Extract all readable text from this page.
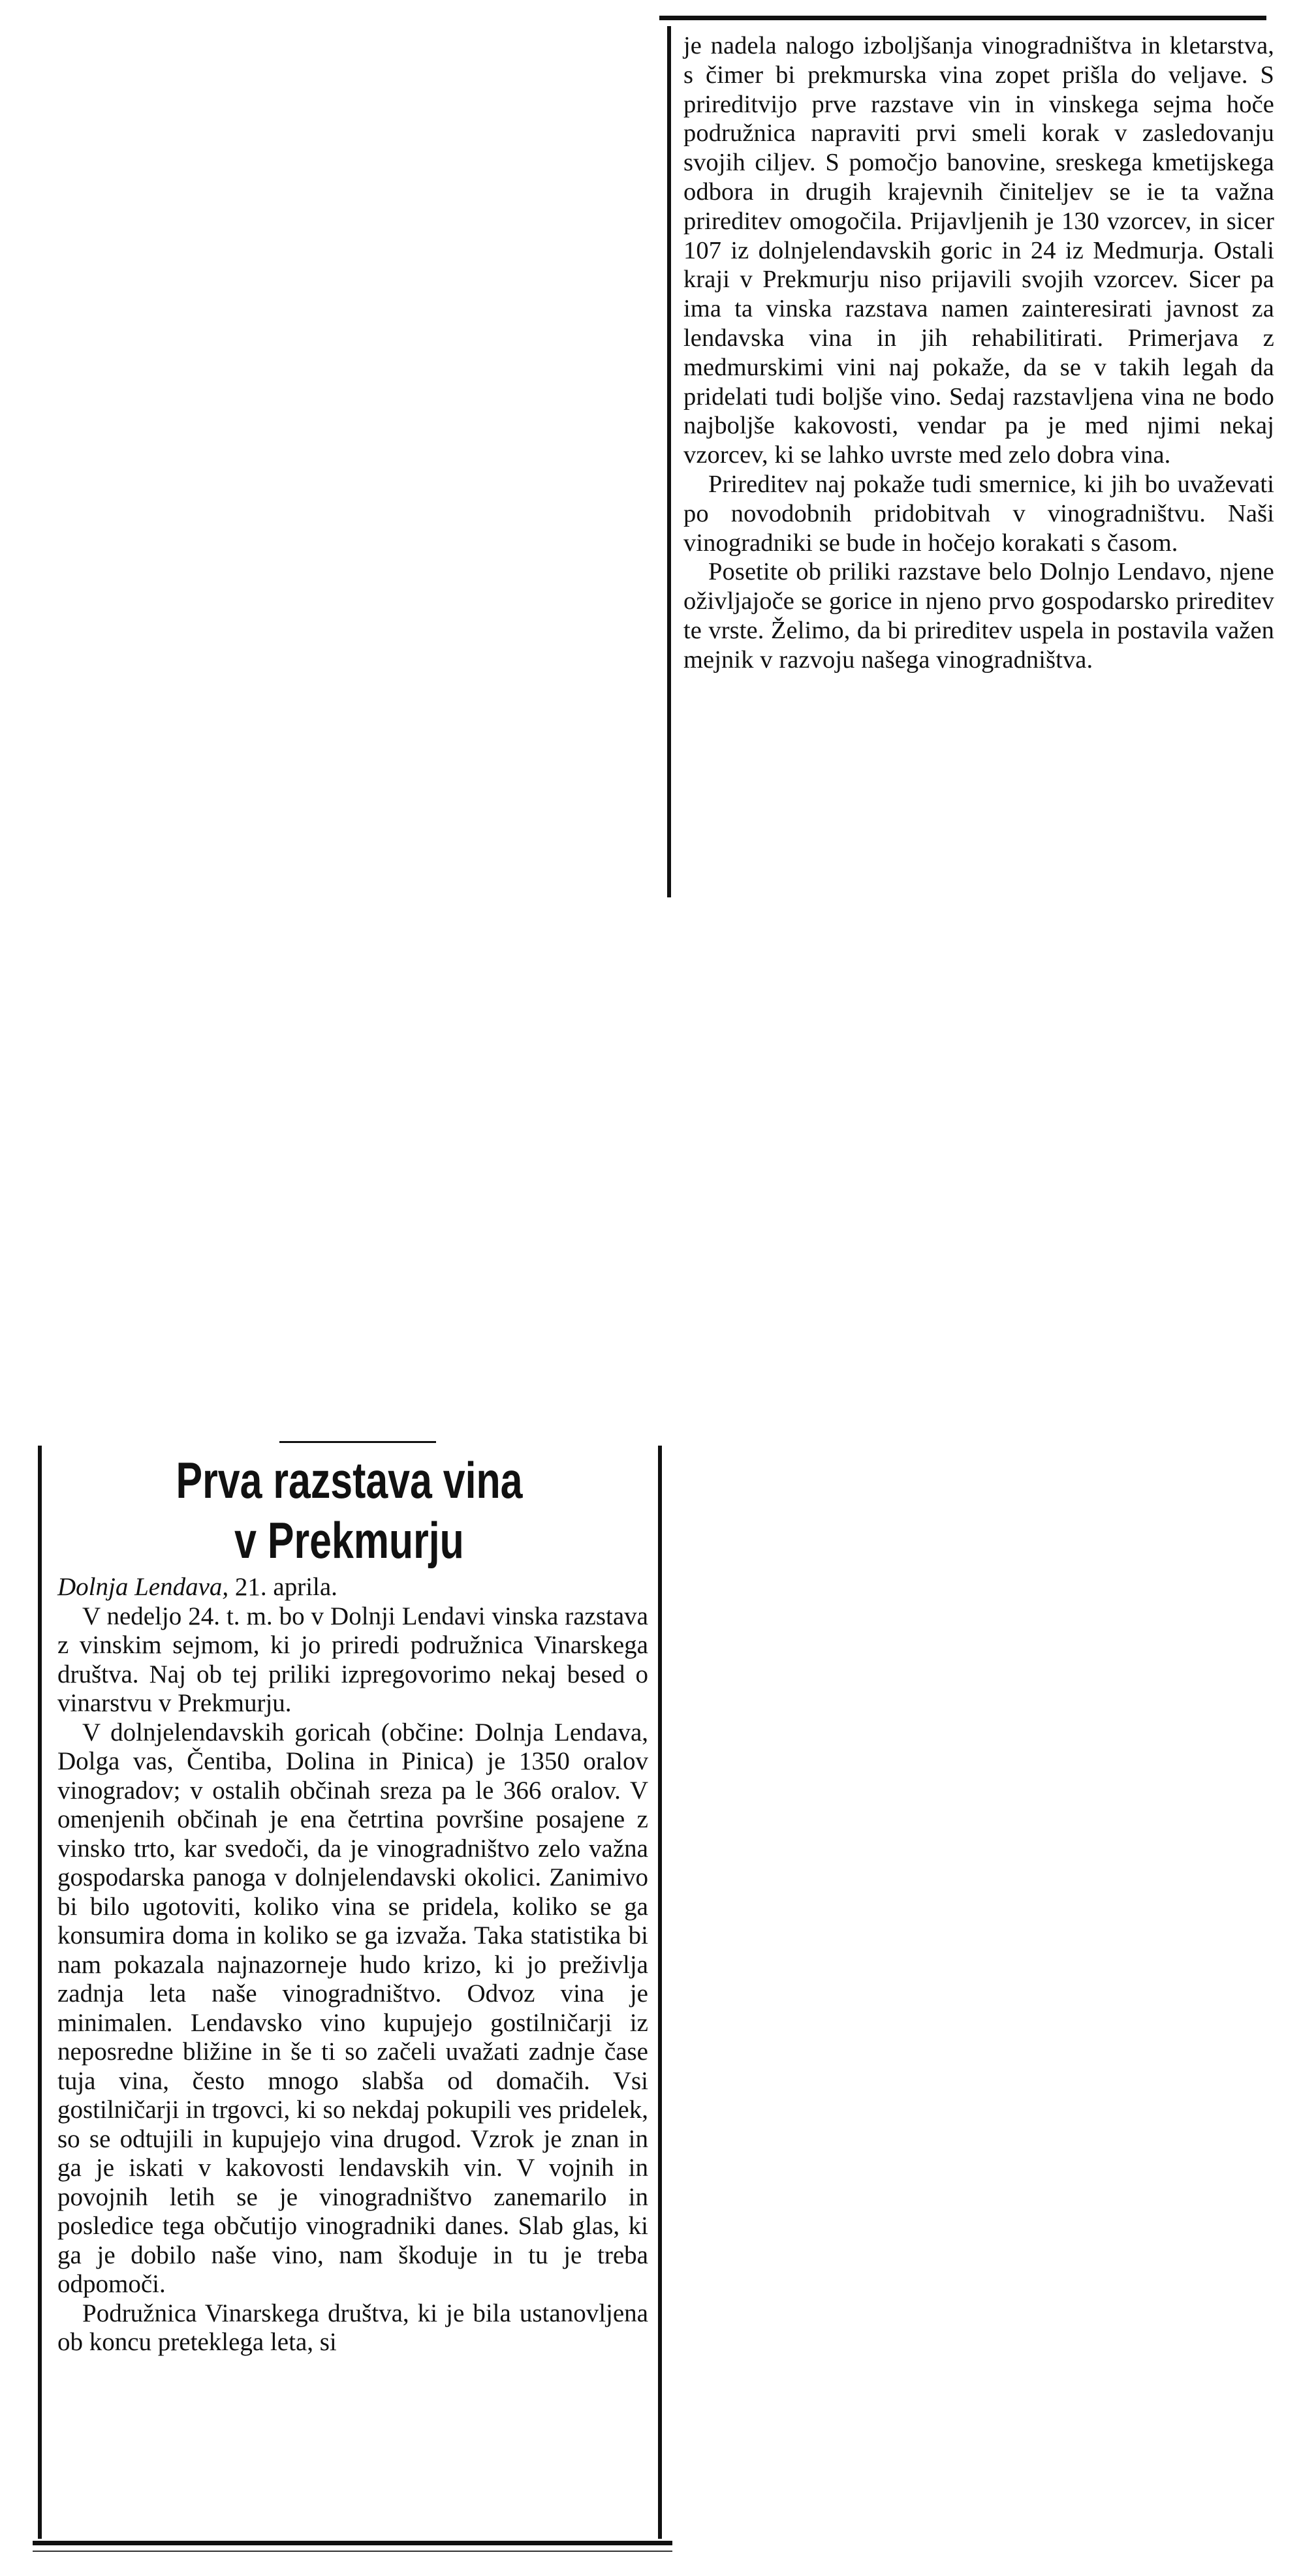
je nadela nalogo izboljšanja vinogradništva in kletarstva, s čimer bi prekmurska vina zopet prišla do veljave. S prireditvijo prve razstave vin in vinskega sejma hoče podružnica napraviti prvi smeli korak v zasledovanju svojih ciljev. S pomočjo banovine, sreskega kmetijskega odbora in drugih krajevnih činiteljev se ie ta važna prireditev omogočila. Prijavljenih je 130 vzorcev, in sicer 107 iz dolnjelendavskih goric in 24 iz Medmurja. Ostali kraji v Prekmurju niso prijavili svojih vzorcev. Sicer pa ima ta vinska razstava namen zainteresirati javnost za lendavska vina in jih rehabilitirati. Primerjava z medmurskimi vini naj pokaže, da se v takih legah da pridelati tudi boljše vino. Sedaj razstavljena vina ne bodo najboljše kakovosti, vendar pa je med njimi nekaj vzorcev, ki se lahko uvrste med zelo dobra vina.

Prireditev naj pokaže tudi smernice, ki jih bo uvaževati po novodobnih pridobitvah v vinogradništvu. Naši vinogradniki se bude in hočejo korakati s časom.

Posetite ob priliki razstave belo Dolnjo Lendavo, njene oživljajoče se gorice in njeno prvo gospodarsko prireditev te vrste. Želimo, da bi prireditev uspela in postavila važen mejnik v razvoju našega vinogradništva.

Prva razstava vina
v Prekmurju

Dolnja Lendava, 21. aprila.

V nedeljo 24. t. m. bo v Dolnji Lendavi vinska razstava z vinskim sejmom, ki jo priredi podružnica Vinarskega društva. Naj ob tej priliki izpregovorimo nekaj besed o vinarstvu v Prekmurju.

V dolnjelendavskih goricah (občine: Dolnja Lendava, Dolga vas, Čentiba, Dolina in Pinica) je 1350 oralov vinogradov; v ostalih občinah sreza pa le 366 oralov. V omenjenih občinah je ena četrtina površine posajene z vinsko trto, kar svedoči, da je vinogradništvo zelo važna gospodarska panoga v dolnjelendavski okolici. Zanimivo bi bilo ugotoviti, koliko vina se pridela, koliko se ga konsumira doma in koliko se ga izvaža. Taka statistika bi nam pokazala najnazorneje hudo krizo, ki jo preživlja zadnja leta naše vinogradništvo. Odvoz vina je minimalen. Lendavsko vino kupujejo gostilničarji iz neposredne bližine in še ti so začeli uvažati zadnje čase tuja vina, često mnogo slabša od domačih. Vsi gostilničarji in trgovci, ki so nekdaj pokupili ves pridelek, so se odtujili in kupujejo vina drugod. Vzrok je znan in ga je iskati v kakovosti lendavskih vin. V vojnih in povojnih letih se je vinogradništvo zanemarilo in posledice tega občutijo vinogradniki danes. Slab glas, ki ga je dobilo naše vino, nam škoduje in tu je treba odpomoči.

Podružnica Vinarskega društva, ki je bila ustanovljena ob koncu preteklega leta, si
